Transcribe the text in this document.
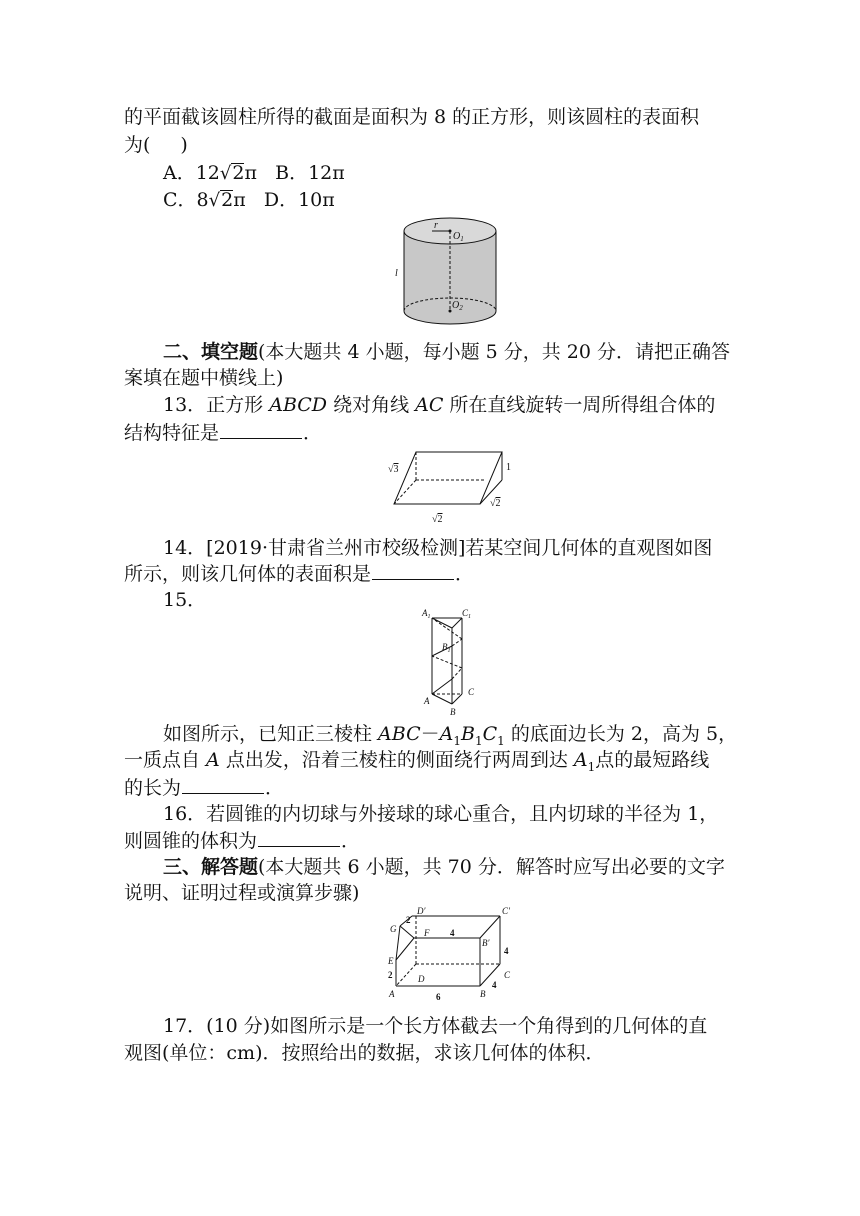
的平面截该圆柱所得的截面是面积为 8 的正方形，则该圆柱的表面积
为( )
A．12√2π B．12π
C．8√2π D．10π
r
$O_1$
l
$O_2$
二、填空题(本大题共 4 小题，每小题 5 分，共 20 分．请把正确答
案填在题中横线上)
13．正方形 ABCD 绕对角线 AC 所在直线旋转一周所得组合体的
结构特征是	．
√3	1
√2
√2
14．[2019·甘肃省兰州市校级检测]若某空间几何体的直观图如图
所示，则该几何体的表面积是	．
15．
$A_1$	$C_1$
$B_1$
A
B
C
如图所示，已知正三棱柱 $ABC-A_1B_1C_1$ 的底面边长为 2，高为 5，
一质点自 A 点出发，沿着三棱柱的侧面绕行两周到达 $A_1$点的最短路线
的长为	．
16．若圆锥的内切球与外接球的球心重合，且内切球的半径为 1，
则圆锥的体积为	．
三、解答题(本大题共 6 小题，共 70 分．解答时应写出必要的文字
说明、证明过程或演算步骤)
D′	C′
2
G	F 4
B′
4
E
2	D	C
4
A	B
6
17．(10 分)如图所示是一个长方体截去一个角得到的几何体的直
观图(单位：cm)．按照给出的数据，求该几何体的体积．
